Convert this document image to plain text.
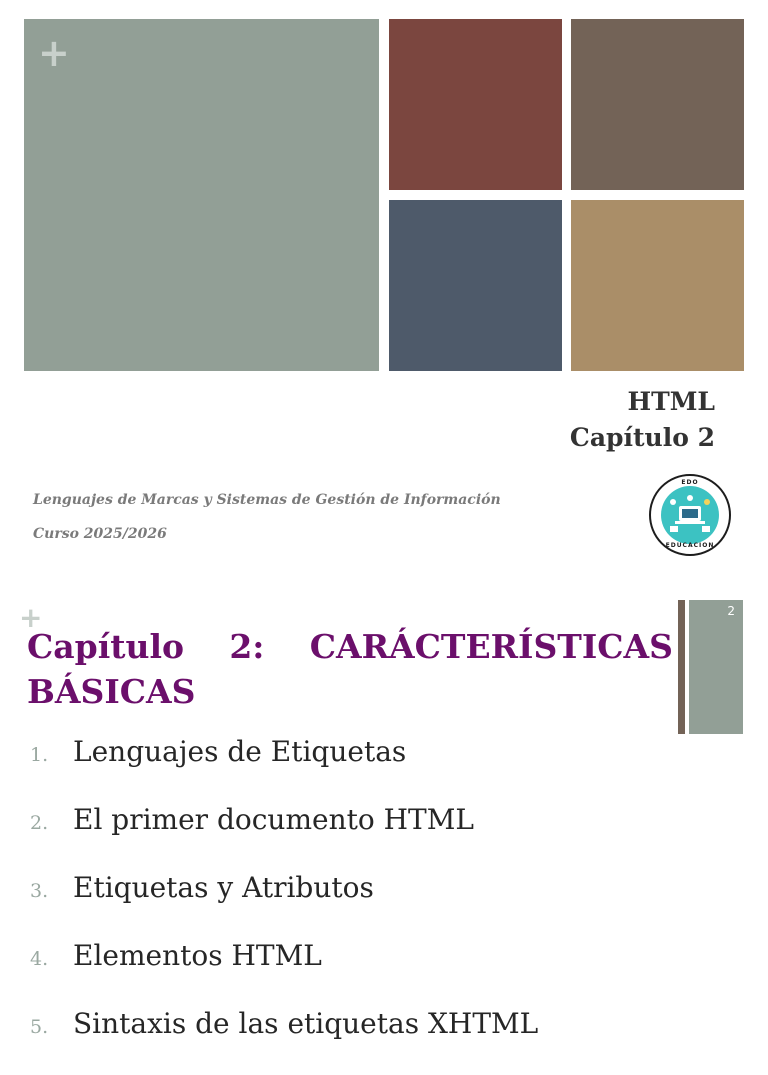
+
HTML
Capítulo 2
Lenguajes de Marcas y Sistemas de Gestión de Información
Curso 2025/2026
EDO
EDUCACION
+	2
Capítulo 2: CARÁCTERÍSTICAS BÁSICAS
1. Lenguajes de Etiquetas
2. El primer documento HTML
3. Etiquetas y Atributos
4. Elementos HTML
5. Sintaxis de las etiquetas XHTML
